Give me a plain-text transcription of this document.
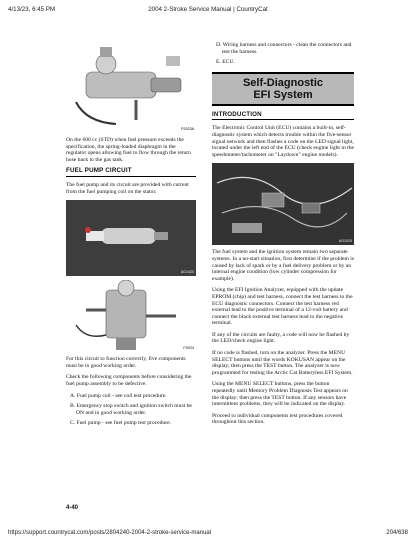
4/13/23, 6:45 PM	2004 2-Stroke Service Manual | CountryCat
FS023A

On the 600 cc (STD) when fuel pressure exceeds the specification, the spring-loaded diaphragm in the regulator opens allowing fuel to flow through the return hose back to the gas tank.

FUEL PUMP CIRCUIT

The fuel pump and its circuit are provided with current from the fuel pumping coil on the stator.

AO1420
FS024

For this circuit to function correctly, five components must be in good working order.

Check the following components before considering the fuel pump assembly to be defective.

A. Fuel pump coil - see coil test procedure.
B. Emergency stop switch and ignition switch must be ON and in good working order.
C. Fuel pump - see fuel pump test procedure.
D. Wiring harness and connectors - clean the connectors and test the harness.
E. ECU.
Self-Diagnostic
EFI System
INTRODUCTION

The Electronic Control Unit (ECU) contains a built-in, self-diagnostic system which detects trouble within the five-sensor signal network and then flashes a code on the LED signal light, located under the left end of the ECU (check engine light in the speedometer/tachometer on "Laydown" engine models).

AO1020

The fuel system and the ignition system remain two separate systems. In a no-start situation, first determine if the problem is caused by lack of spark or by a fuel delivery problem or by an internal engine condition (low cylinder compression for example).

Using the EFI Ignition Analyzer, equipped with the update EPROM (chip) and test harness, connect the test harness to the ECU diagnostic connectors. Connect the test harness red external lead to the positive terminal of a 12-volt battery and connect the black external test harness lead to the negative terminal.

If any of the circuits are faulty, a code will now be flashed by the LED/check engine light.

If no code is flashed, turn on the analyzer. Press the MENU SELECT buttons until the words KOKUSAN appear on the display; then press the TEST button. The analyzer is now programmed for testing the Arctic Cat Batteryless EFI System.

Using the MENU SELECT buttons, press the button repeatedly until Memory Problem Diagnosis Test appears on the display; then press the TEST button. If any sensors have intermittent problems, they will be indicated on the display.

Proceed to individual components test procedures covered throughout this section.

4-40
https://support.countrycat.com/posts/2804240-2004-2-stroke-service-manual	204/638
